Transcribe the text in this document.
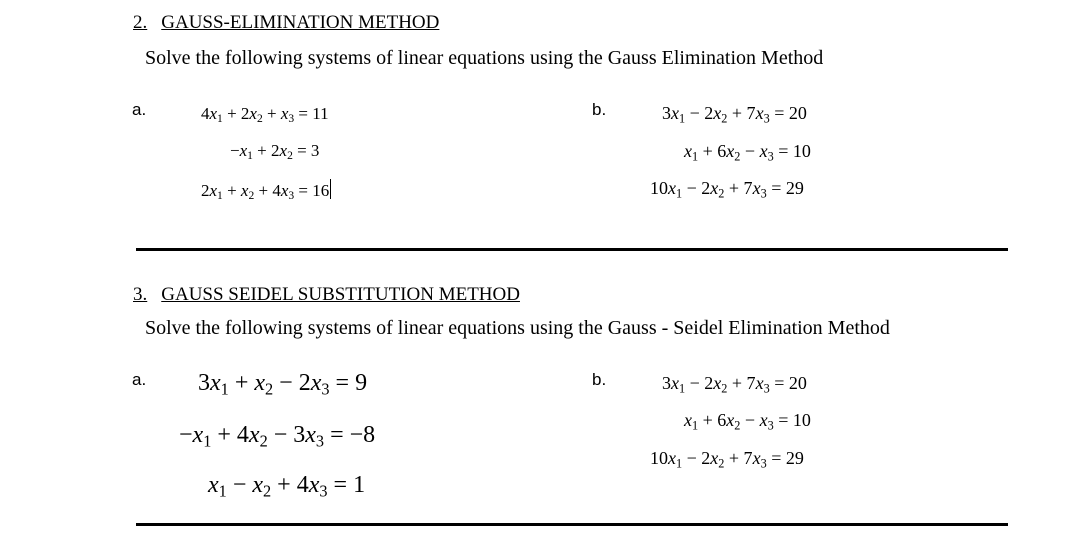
2. GAUSS-ELIMINATION METHOD
Solve the following systems of linear equations using the Gauss Elimination Method
a.	b.
$4x_1 + 2x_2 + x_3 = 11$
$-x_1 + 2x_2 = 3$
$2x_1 + x_2 + 4x_3 = 16$
$3x_1 - 2x_2 + 7x_3 = 20$
$x_1 + 6x_2 - x_3 = 10$
$10x_1 - 2x_2 + 7x_3 = 29$
3. GAUSS SEIDEL SUBSTITUTION METHOD
Solve the following systems of linear equations using the Gauss - Seidel Elimination Method
a.	b.
$3x_1 + x_2 - 2x_3 = 9$
$-x_1 + 4x_2 - 3x_3 = -8$
$x_1 - x_2 + 4x_3 = 1$
$3x_1 - 2x_2 + 7x_3 = 20$
$x_1 + 6x_2 - x_3 = 10$
$10x_1 - 2x_2 + 7x_3 = 29$
